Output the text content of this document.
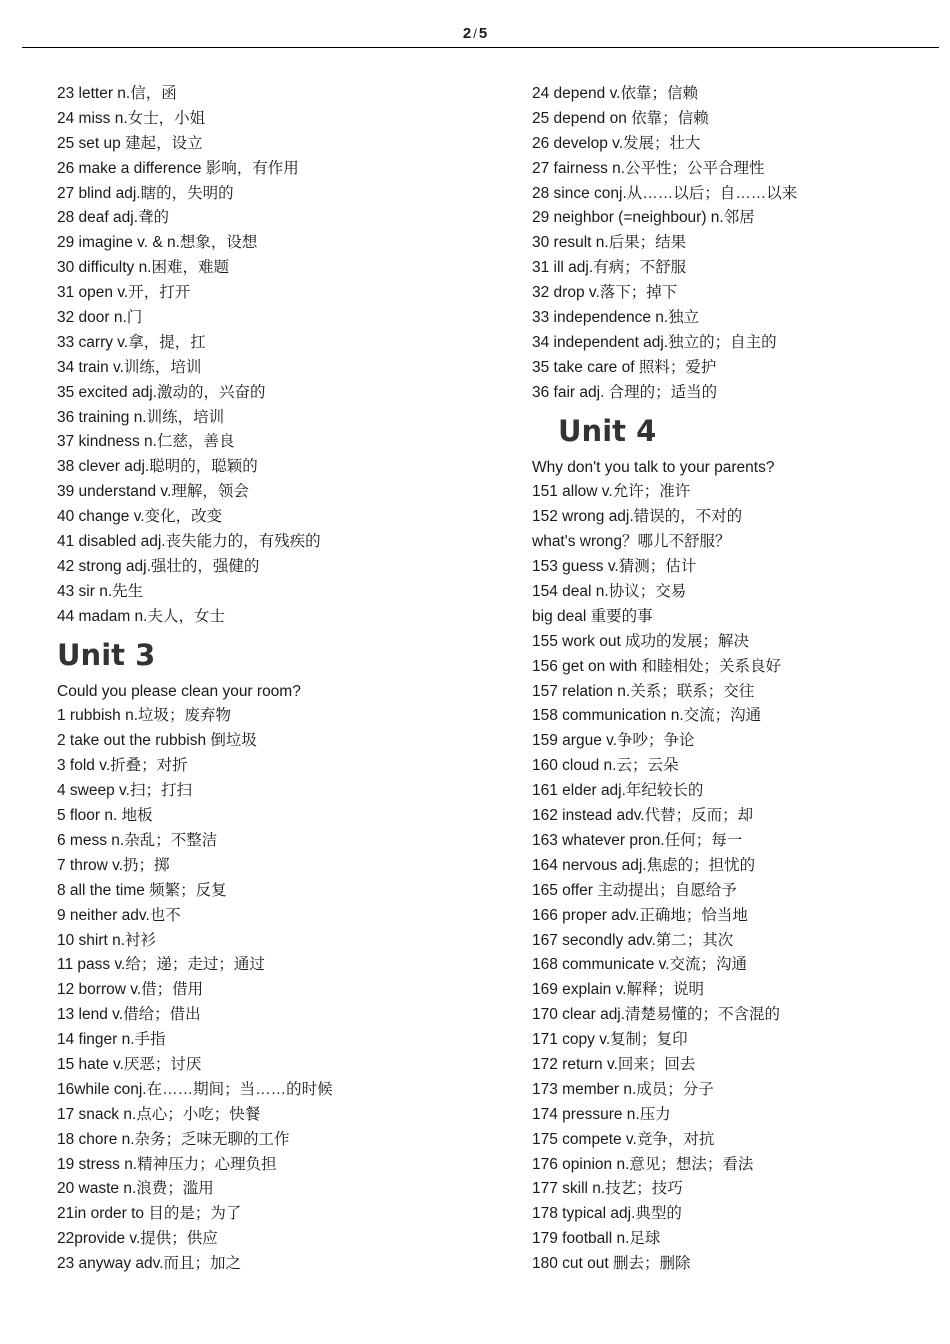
2 / 5
23 letter n.信，函
24 miss n.女士，小姐
25 set up 建起，设立
26 make a difference 影响，有作用
27 blind adj.瞎的，失明的
28 deaf adj.聋的
29 imagine v. & n.想象，设想
30 difficulty n.困难，难题
31 open v.开，打开
32 door n.门
33 carry v.拿，提，扛
34 train v.训练，培训
35 excited adj.激动的，兴奋的
36 training n.训练，培训
37 kindness n.仁慈，善良
38 clever adj.聪明的，聪颖的
39 understand v.理解，领会
40 change v.变化，改变
41 disabled adj.丧失能力的，有残疾的
42 strong adj.强壮的，强健的
43 sir n.先生
44 madam n.夫人，女士
Unit 3
Could you please clean your room?
1 rubbish n.垃圾；废弃物
2 take out the rubbish 倒垃圾
3 fold v.折叠；对折
4 sweep v.扫；打扫
5 floor n. 地板
6 mess n.杂乱；不整洁
7 throw v.扔；掷
8 all the time 频繁；反复
9 neither adv.也不
10 shirt n.衬衫
11 pass v.给；递；走过；通过
12 borrow v.借；借用
13 lend v.借给；借出
14 finger n.手指
15 hate v.厌恶；讨厌
16while conj.在……期间；当……的时候
17 snack n.点心；小吃；快餐
18 chore n.杂务；乏味无聊的工作
19 stress n.精神压力；心理负担
20 waste n.浪费；滥用
21in order to 目的是；为了
22provide v.提供；供应
23 anyway adv.而且；加之
24 depend v.依靠；信赖
25 depend on 依靠；信赖
26 develop v.发展；壮大
27 fairness n.公平性；公平合理性
28 since conj.从……以后；自……以来
29 neighbor (=neighbour) n.邻居
30 result n.后果；结果
31 ill adj.有病；不舒服
32 drop v.落下；掉下
33 independence n.独立
34 independent adj.独立的；自主的
35 take care of 照料；爱护
36 fair adj. 合理的；适当的
Unit 4
Why don't you talk to your parents?
151 allow v.允许；准许
152 wrong adj.错误的，不对的
what's wrong？哪儿不舒服？
153 guess v.猜测；估计
154 deal n.协议；交易
big deal 重要的事
155 work out 成功的发展；解决
156 get on with 和睦相处；关系良好
157 relation n.关系；联系；交往
158 communication n.交流；沟通
159 argue v.争吵；争论
160 cloud n.云；云朵
161 elder adj.年纪较长的
162 instead adv.代替；反而；却
163 whatever pron.任何；每一
164 nervous adj.焦虑的；担忧的
165 offer 主动提出；自愿给予
166 proper adv.正确地；恰当地
167 secondly adv.第二；其次
168 communicate v.交流；沟通
169 explain v.解释；说明
170 clear adj.清楚易懂的；不含混的
171 copy v.复制；复印
172 return v.回来；回去
173 member n.成员；分子
174 pressure n.压力
175 compete v.竞争，对抗
176 opinion n.意见；想法；看法
177 skill n.技艺；技巧
178 typical adj.典型的
179 football n.足球
180 cut out 删去；删除
